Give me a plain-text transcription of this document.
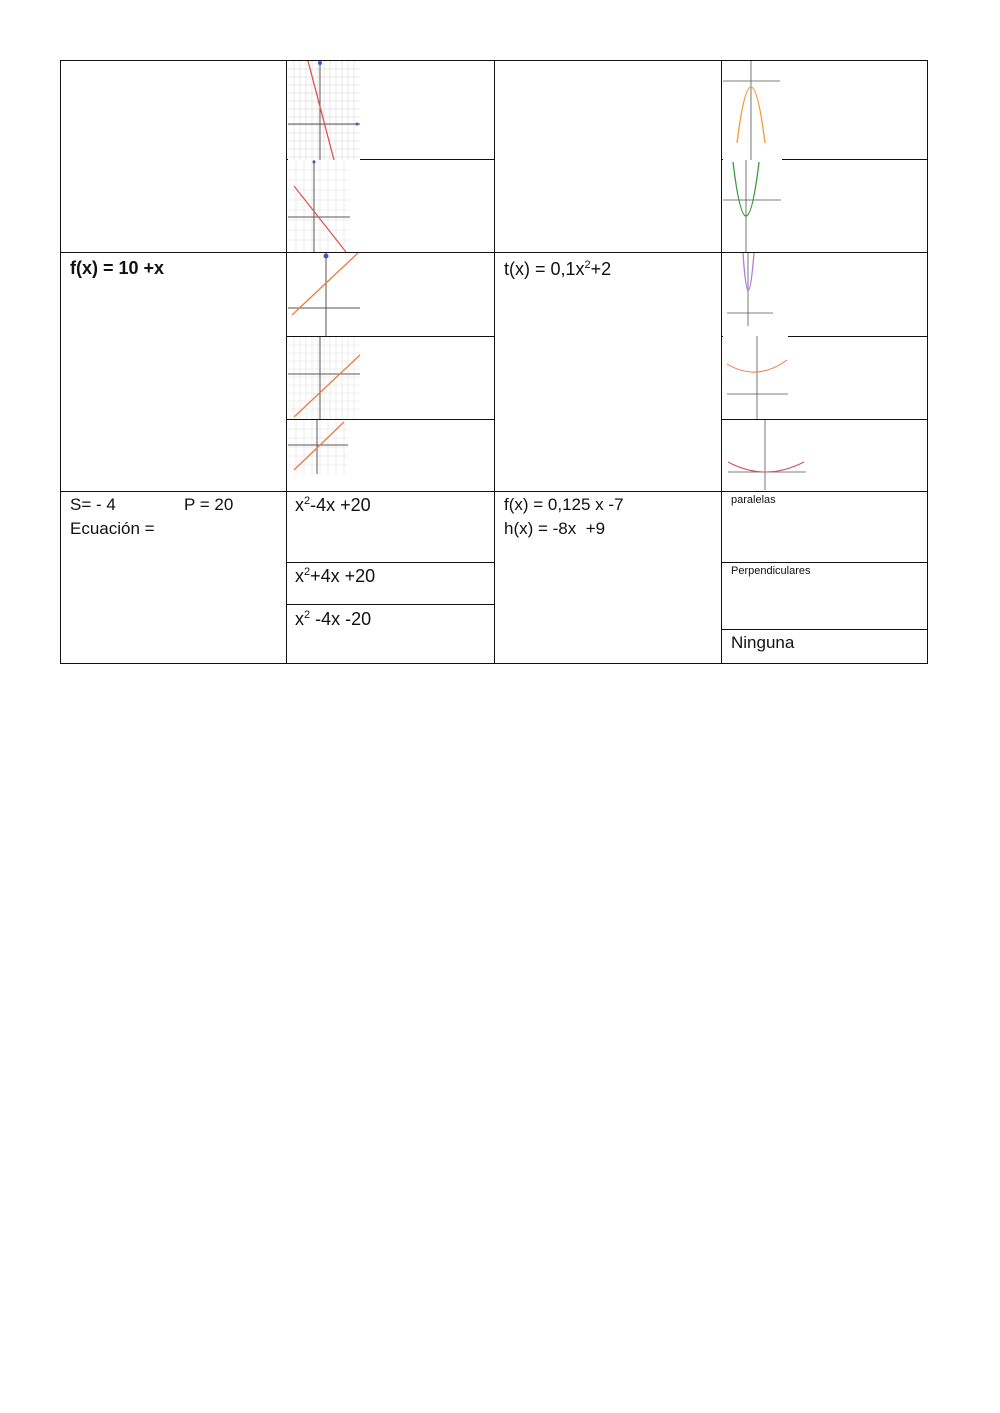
f(x) = 10 +x	$t(x) = 0,1x^2+2$
S= - 4	P = 20
Ecuación =
$x^2-4x +20$
$x^2+4x +20$
$x^2$ -4x -20
f(x) = 0,125 x -7
h(x) = -8x  +9
paralelas
Perpendiculares
Ninguna
